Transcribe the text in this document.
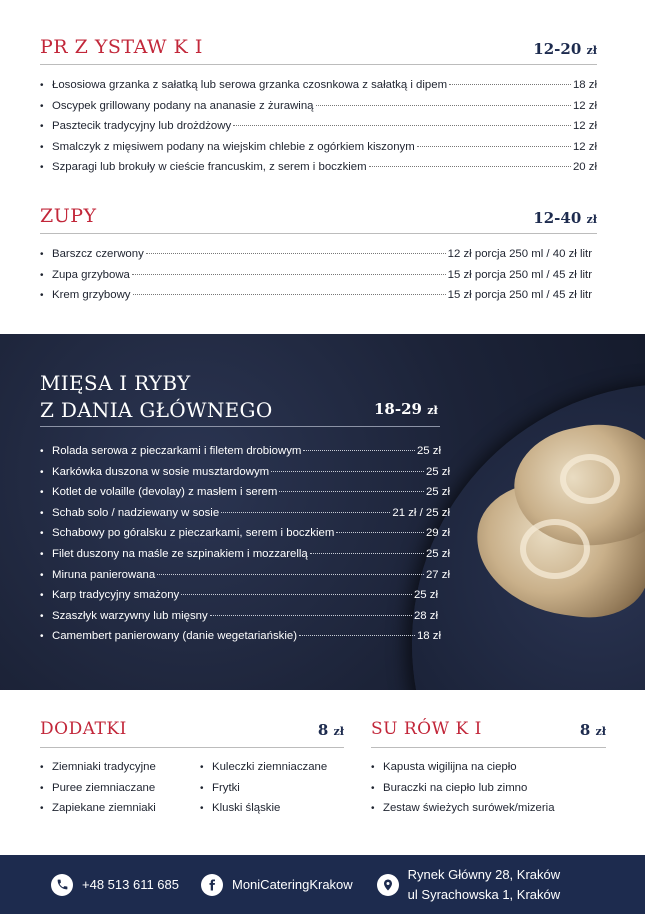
PR Z YSTAW K I	12-20 zł
• Łososiowa grzanka z sałatką lub serowa grzanka czosnkowa z sałatką i dipem	18 zł
• Oscypek grillowany podany na ananasie z żurawiną	12 zł
• Pasztecik tradycyjny lub drożdżowy	12 zł
• Smalczyk z mięsiwem podany na wiejskim chlebie z ogórkiem kiszonym	12 zł
• Szparagi lub brokuły w cieście francuskim, z serem i boczkiem	20 zł
ZUPY	12-40 zł
• Barszcz czerwony	12 zł porcja 250 ml / 40 zł litr
• Zupa grzybowa	15 zł porcja 250 ml / 45 zł litr
• Krem grzybowy	15 zł porcja 250 ml / 45 zł litr
MIĘSA I RYBY
Z DANIA GŁÓWNEGO	18-29 zł
• Rolada serowa z pieczarkami i filetem drobiowym	25 zł
• Karkówka duszona w sosie musztardowym	25 zł
• Kotlet de volaille (devolay) z masłem i serem	25 zł
• Schab solo / nadziewany w sosie	21 zł / 25 zł
• Schabowy po góralsku z pieczarkami, serem i boczkiem	29 zł
• Filet duszony na maśle ze szpinakiem i mozzarellą	25 zł
• Miruna panierowana	27 zł
• Karp tradycyjny smażony	25 zł
• Szaszłyk warzywny lub mięsny	28 zł
• Camembert panierowany (danie wegetariańskie)	18 zł
DODATKI	8 zł
• Ziemniaki tradycyjne
• Puree ziemniaczane
• Zapiekane ziemniaki
• Kuleczki ziemniaczane
• Frytki
• Kluski śląskie
SU RÓW K I	8 zł
• Kapusta wigilijna na ciepło
• Buraczki na ciepło lub zimno
• Zestaw świeżych surówek/mizeria
+48 513 611 685	MoniCateringKrakow
Rynek Główny 28, Kraków
ul Syrachowska 1, Kraków
